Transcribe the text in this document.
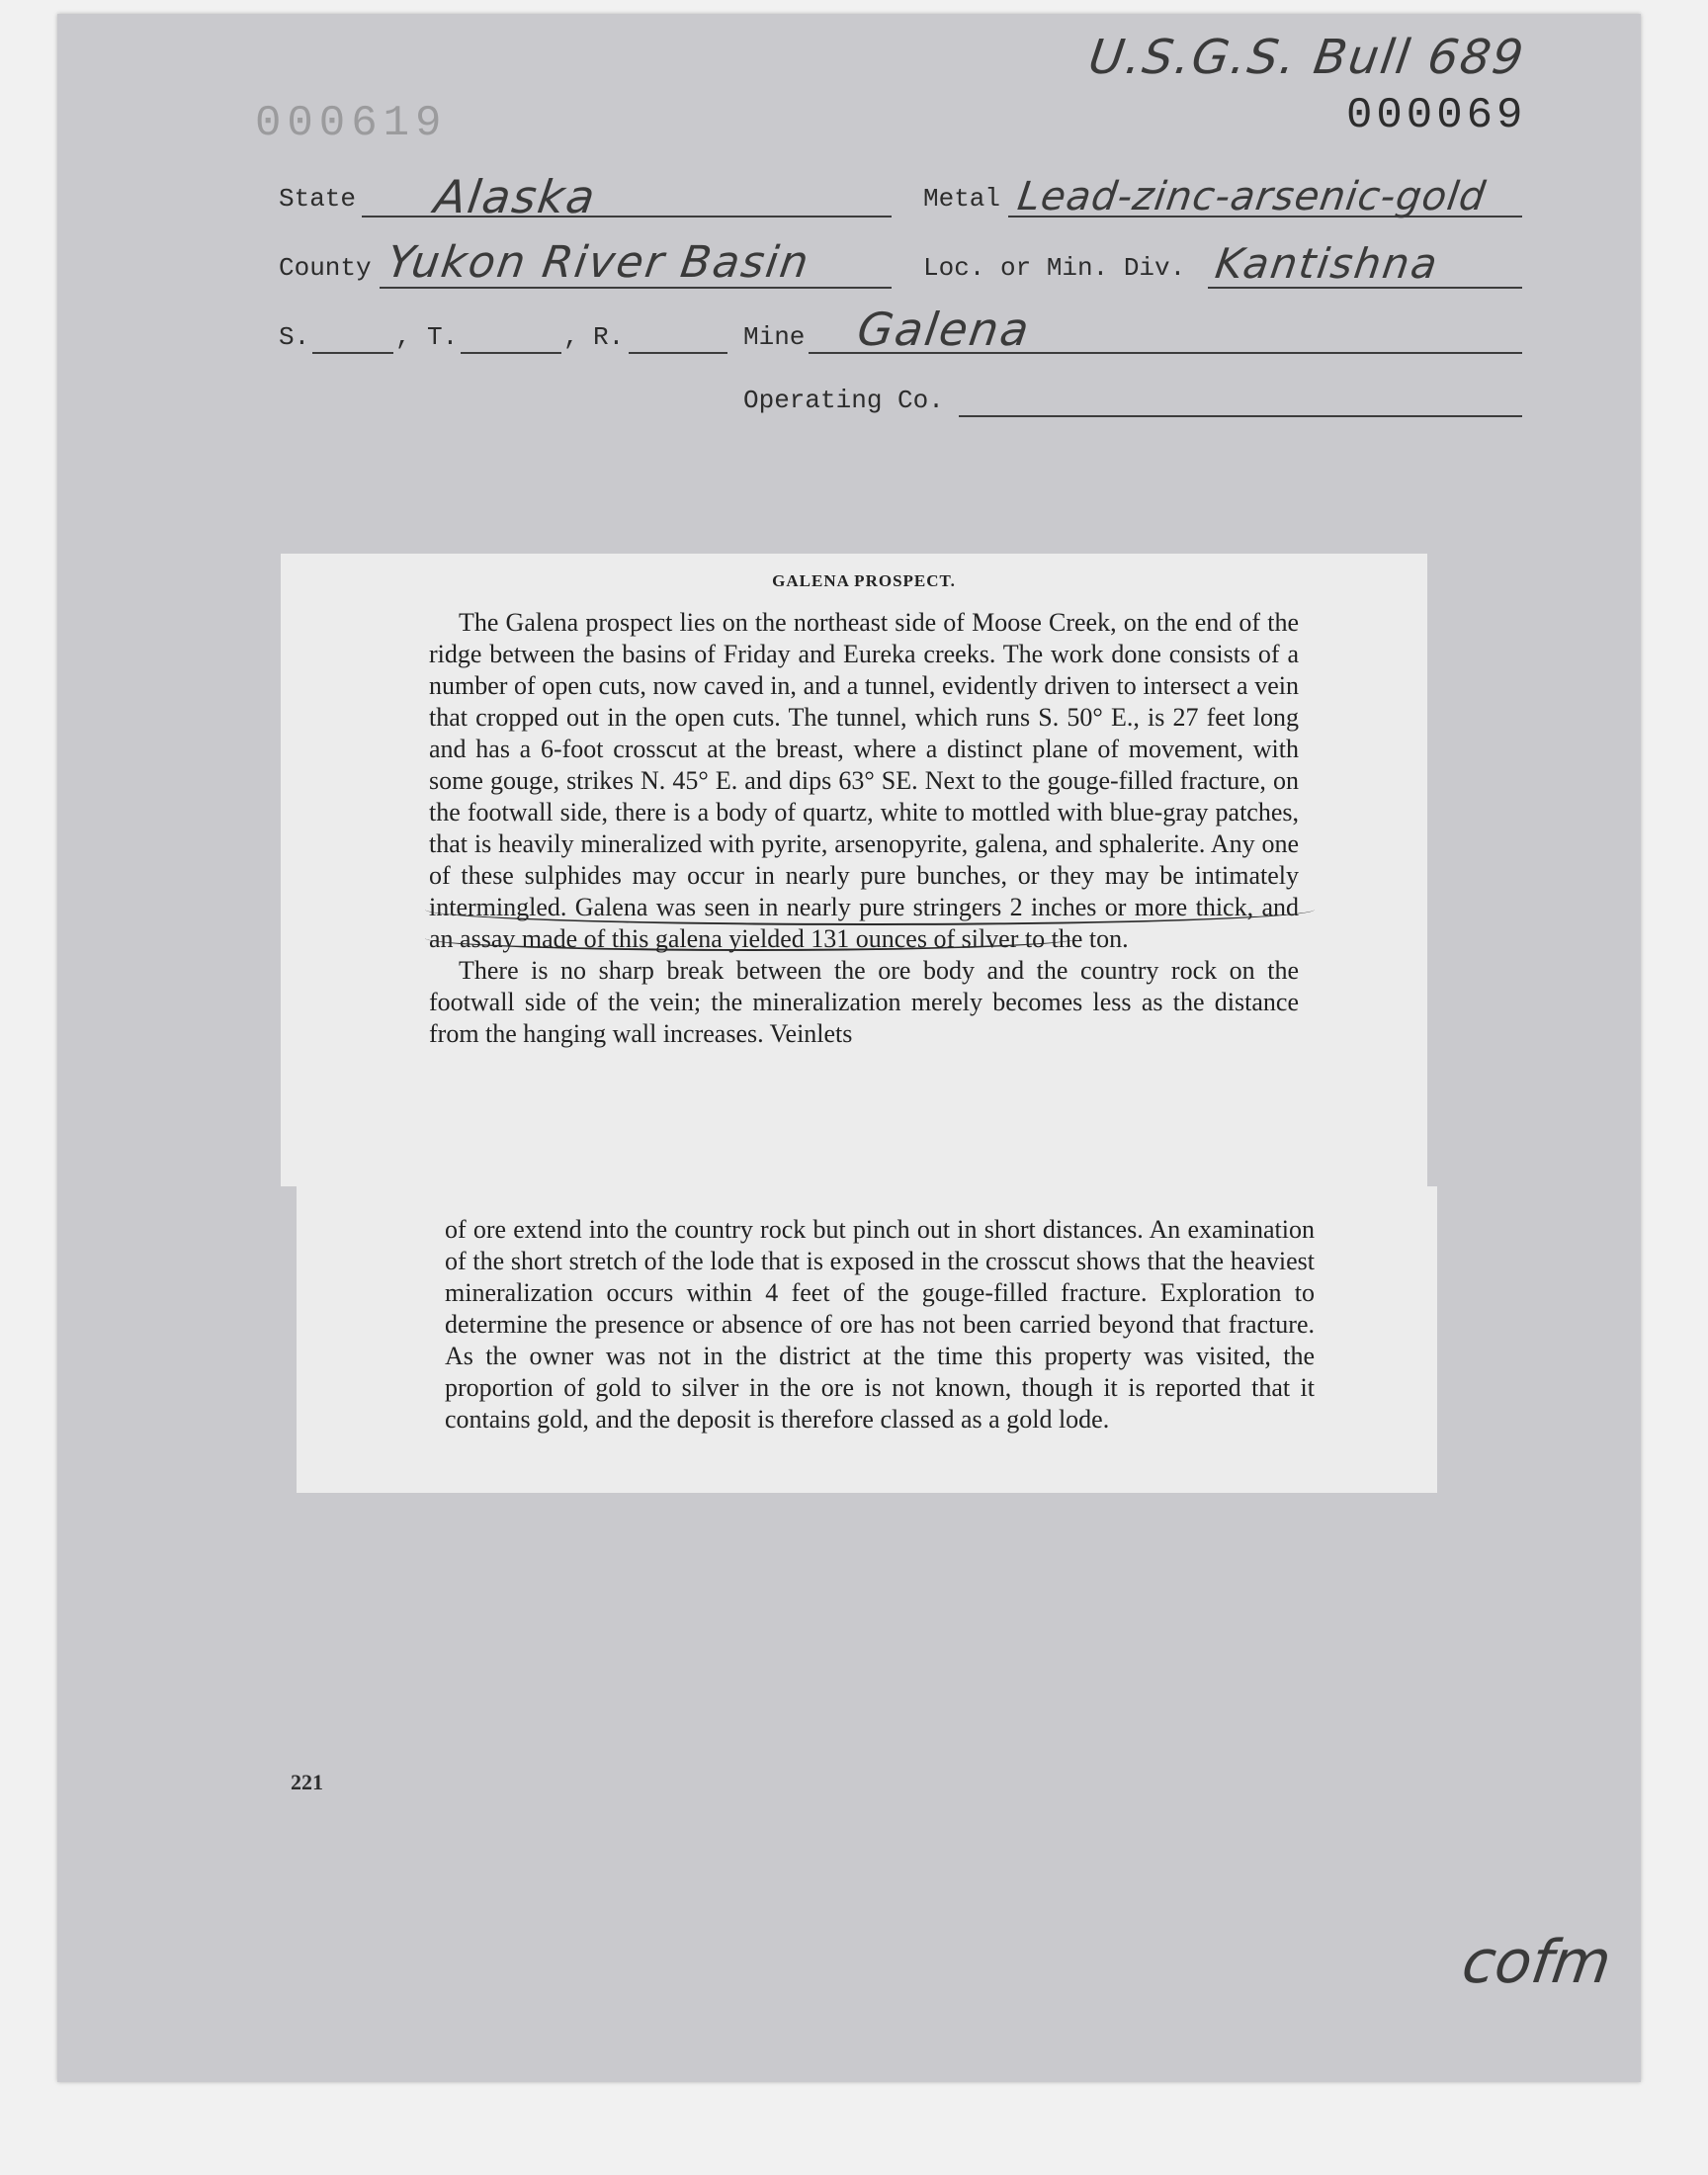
U.S.G.S. Bull 689
000069
000619
State Alaska	Metal Lead-zinc-arsenic-gold
County Yukon River Basin	Loc. or Min. Div. Kantishna
S.	, T.	, R.	Mine Galena
Operating Co.
GALENA PROSPECT.

The Galena prospect lies on the northeast side of Moose Creek, on the end of the ridge between the basins of Friday and Eureka creeks. The work done consists of a number of open cuts, now caved in, and a tunnel, evidently driven to intersect a vein that cropped out in the open cuts. The tunnel, which runs S. 50° E., is 27 feet long and has a 6-foot crosscut at the breast, where a distinct plane of movement, with some gouge, strikes N. 45° E. and dips 63° SE. Next to the gouge-filled fracture, on the footwall side, there is a body of quartz, white to mottled with blue-gray patches, that is heavily mineralized with pyrite, arsenopyrite, galena, and sphalerite. Any one of these sulphides may occur in nearly pure bunches, or they may be intimately intermingled. Galena was seen in nearly pure stringers 2 inches or more thick, and an assay made of this galena yielded 131 ounces of silver to the ton.

There is no sharp break between the ore body and the country rock on the footwall side of the vein; the mineralization merely becomes less as the distance from the hanging wall increases. Veinlets

of ore extend into the country rock but pinch out in short distances. An examination of the short stretch of the lode that is exposed in the crosscut shows that the heaviest mineralization occurs within 4 feet of the gouge-filled fracture. Exploration to determine the presence or absence of ore has not been carried beyond that fracture. As the owner was not in the district at the time this property was visited, the proportion of gold to silver in the ore is not known, though it is reported that it contains gold, and the deposit is therefore classed as a gold lode.

221
cofm
